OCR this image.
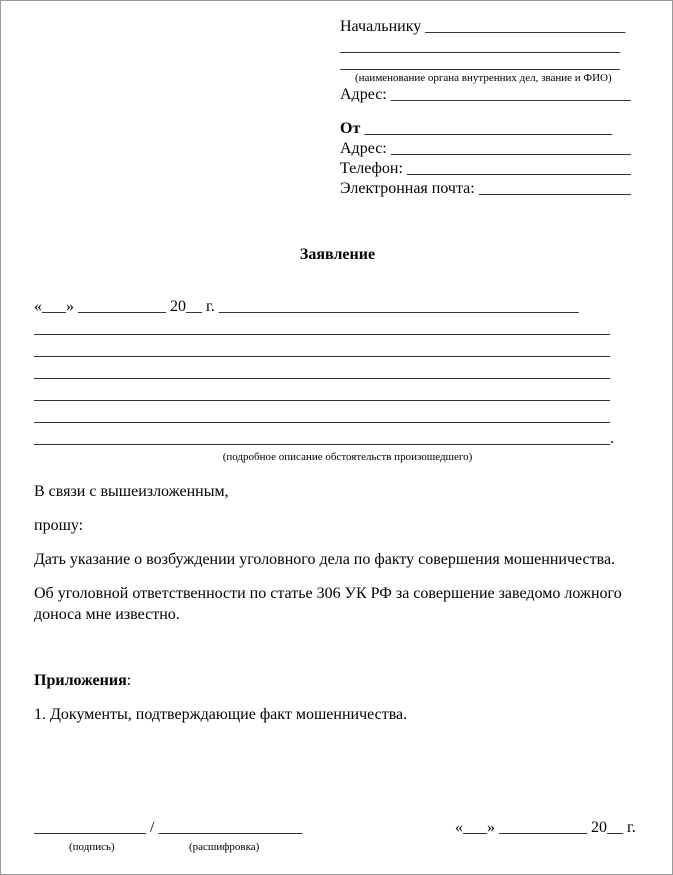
Начальнику _________________________
___________________________________
___________________________________
(наименование органа внутренних дел, звание и ФИО)
Адрес: ______________________________
От _______________________________
Адрес: ______________________________
Телефон: ____________________________
Электронная почта: ___________________
Заявление
«___» ___________ 20__ г. _____________________________________________
________________________________________________________________________
________________________________________________________________________
________________________________________________________________________
________________________________________________________________________
________________________________________________________________________
________________________________________________________________________.
(подробное описание обстоятельств произошедшего)

В связи с вышеизложенным,

прошу:

Дать указание о возбуждении уголовного дела по факту совершения мошенничества.

Об уголовной ответственности по статье 306 УК РФ за совершение заведомо ложного доноса мне известно.

Приложения:

1. Документы, подтверждающие факт мошенничества.

______________ / __________________	«___» ___________ 20__ г.
(подпись)	(расшифровка)
